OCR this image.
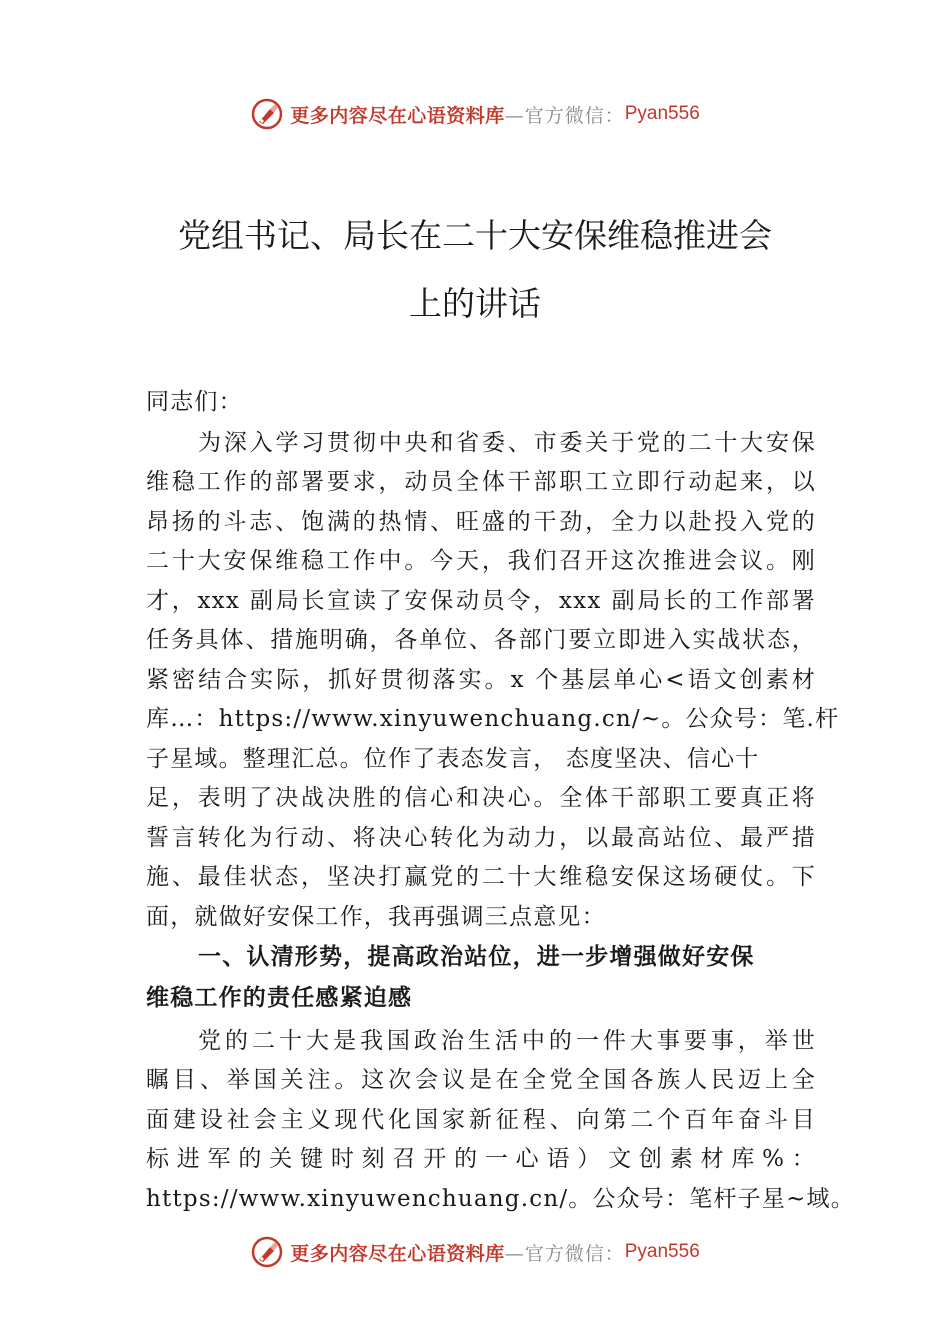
更多内容尽在心语资料库 —官方微信： Pyan556
党组书记、局长在二十大安保维稳推进会
上的讲话
同志们：
为深入学习贯彻中央和省委、市委关于党的二十大安保
维稳工作的部署要求，动员全体干部职工立即行动起来，以
昂扬的斗志、饱满的热情、旺盛的干劲，全力以赴投入党的
二十大安保维稳工作中。今天，我们召开这次推进会议。刚
才，xxx 副局长宣读了安保动员令，xxx 副局长的工作部署
任务具体、措施明确，各单位、各部门要立即进入实战状态，
紧密结合实际，抓好贯彻落实。x 个基层单心<语文创素材
库…：https://www.xinyuwenchuang.cn/~。公众号：笔.杆
子星域。整理汇总。位作了表态发言， 态度坚决、信心十
足，表明了决战决胜的信心和决心。全体干部职工要真正将
誓言转化为行动、将决心转化为动力，以最高站位、最严措
施、最佳状态，坚决打赢党的二十大维稳安保这场硬仗。下
面，就做好安保工作，我再强调三点意见：
一、认清形势，提高政治站位，进一步增强做好安保
维稳工作的责任感紧迫感
党的二十大是我国政治生活中的一件大事要事，举世
瞩目、举国关注。这次会议是在全党全国各族人民迈上全
面建设社会主义现代化国家新征程、向第二个百年奋斗目
标进军的关键时刻召开的一心语）文创素材库%：
https://www.xinyuwenchuang.cn/。公众号：笔杆子星~域。
更多内容尽在心语资料库 —官方微信： Pyan556
